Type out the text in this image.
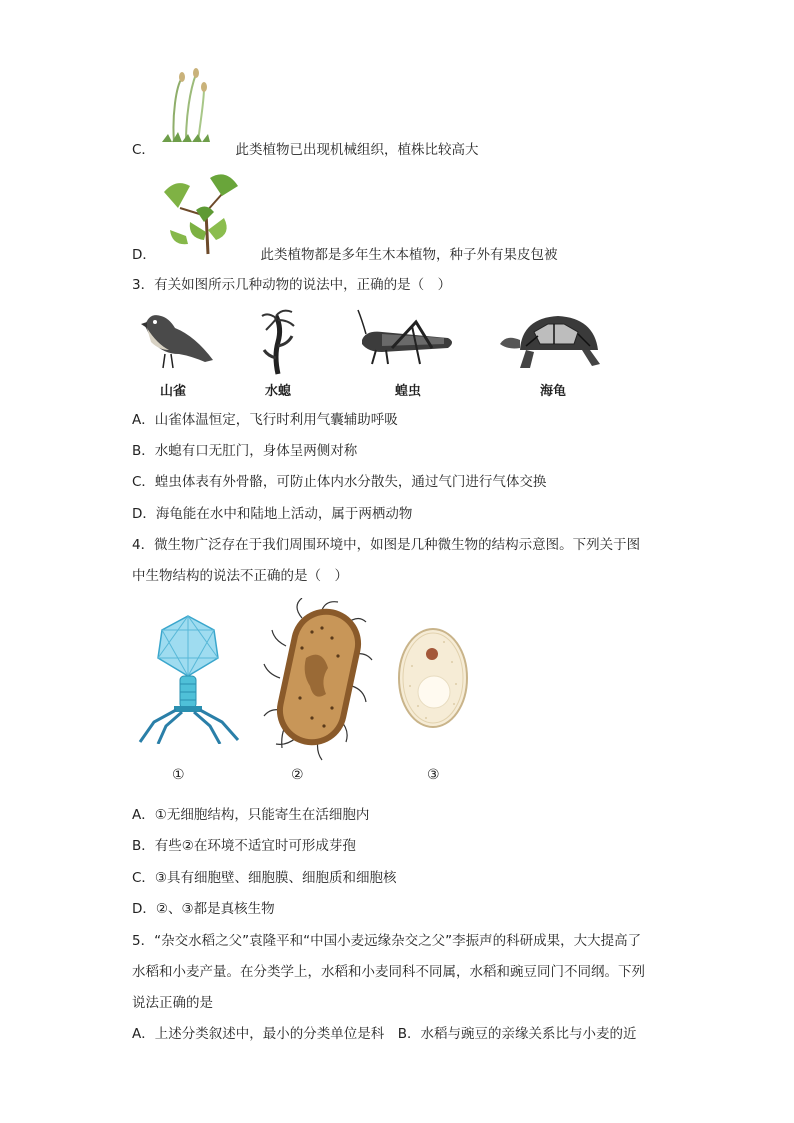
C．	此类植物已出现机械组织，植株比较高大
D．	此类植物都是多年生木本植物，种子外有果皮包被
3．有关如图所示几种动物的说法中，正确的是（　）
山雀	水螅	蝗虫	海龟
A．山雀体温恒定，飞行时利用气囊辅助呼吸
B．水螅有口无肛门，身体呈两侧对称
C．蝗虫体表有外骨骼，可防止体内水分散失，通过气门进行气体交换
D．海龟能在水中和陆地上活动，属于两栖动物
4．微生物广泛存在于我们周围环境中，如图是几种微生物的结构示意图。下列关于图
中生物结构的说法不正确的是（　）
①	②	③
A．①无细胞结构，只能寄生在活细胞内
B．有些②在环境不适宜时可形成芽孢
C．③具有细胞壁、细胞膜、细胞质和细胞核
D．②、③都是真核生物
5．“杂交水稻之父”袁隆平和“中国小麦远缘杂交之父”李振声的科研成果，大大提高了
水稻和小麦产量。在分类学上，水稻和小麦同科不同属，水稻和豌豆同门不同纲。下列
说法正确的是
A．上述分类叙述中，最小的分类单位是科　B．水稻与豌豆的亲缘关系比与小麦的近
